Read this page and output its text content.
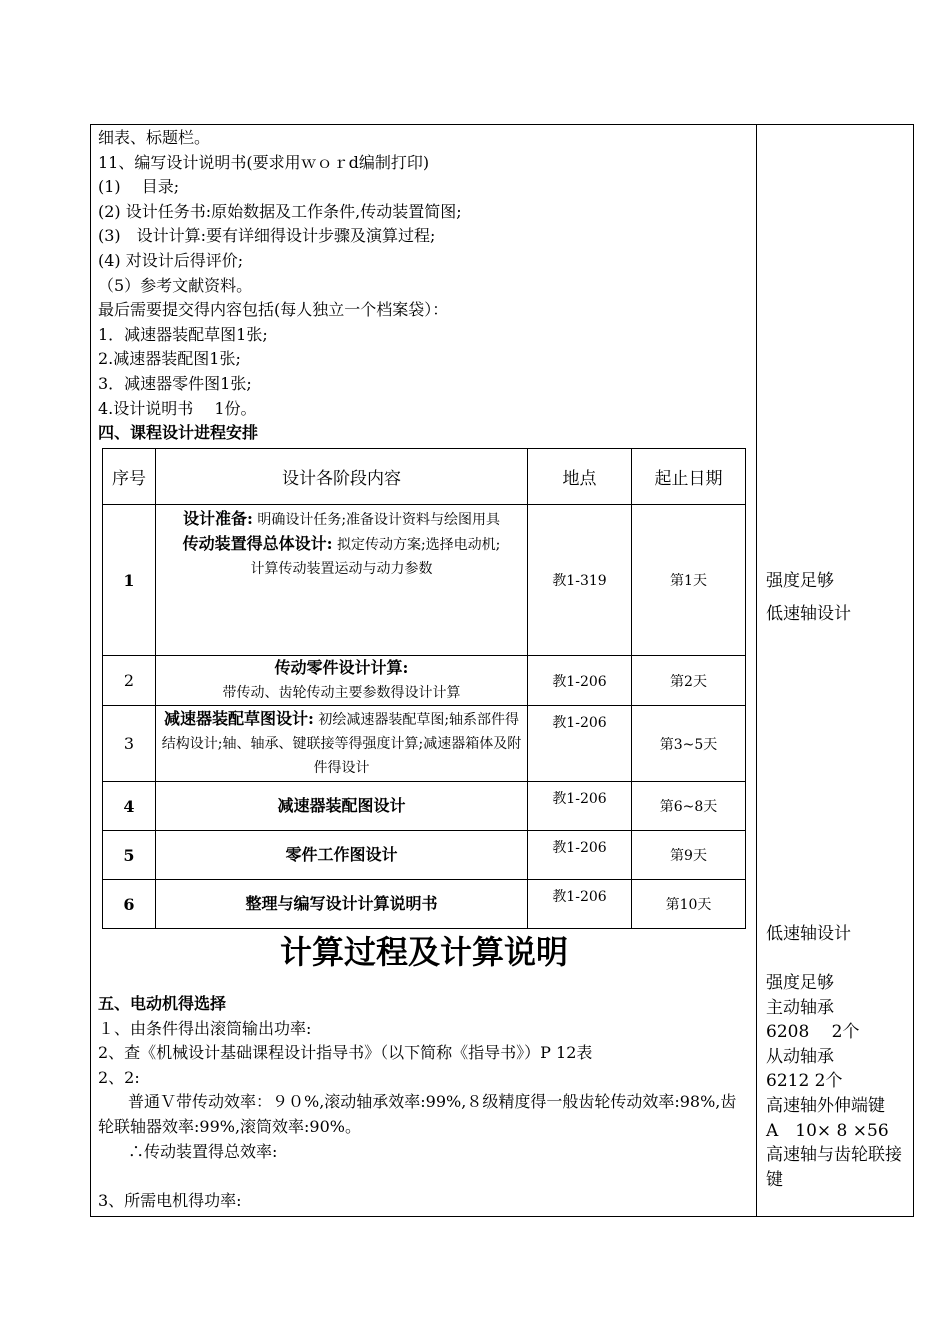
细表、标题栏。
11、编写设计说明书(要求用ｗｏｒd编制打印)
(1)　 目录;
(2) 设计任务书:原始数据及工作条件,传动装置简图;
(3)　设计计算:要有详细得设计步骤及演算过程;
(4) 对设计后得评价;
（5）参考文献资料。
最后需要提交得内容包括(每人独立一个档案袋）：
1．减速器装配草图1张;
2.减速器装配图1张;
3．减速器零件图1张;
4.设计说明书　 1份。
四、课程设计进程安排
序号	设计各阶段内容	地点	起止日期
1	设计准备: 明确设计任务;准备设计资料与绘图用具
传动装置得总体设计: 拟定传动方案;选择电动机;
计算传动装置运动与动力参数	教1-319	第1天
2	传动零件设计计算:
带传动、齿轮传动主要参数得设计计算	教1-206	第2天
3	减速器装配草图设计: 初绘减速器装配草图;轴系部件得结构设计;轴、轴承、键联接等得强度计算;减速器箱体及附件得设计	教1-206	第3~5天
4	减速器装配图设计	教1-206	第6~8天
5	零件工作图设计	教1-206	第9天
6	整理与编写设计计算说明书	教1-206	第10天
计算过程及计算说明
五、电动机得选择
１、由条件得出滚筒输出功率:
2、查《机械设计基础课程设计指导书》（以下简称《指导书》）P 12表
2、2:
普通Ｖ带传动效率：９０%,滚动轴承效率:99%,８级精度得一般齿轮传动效率:98%,齿轮联轴器效率:99%,滚筒效率:90%。
∴传动装置得总效率:
3、所需电机得功率:
强度足够
低速轴设计
低速轴设计
强度足够
主动轴承
6208　 2个
从动轴承
6212 2个
高速轴外伸端键
A　10× 8 ×56
高速轴与齿轮联接键
